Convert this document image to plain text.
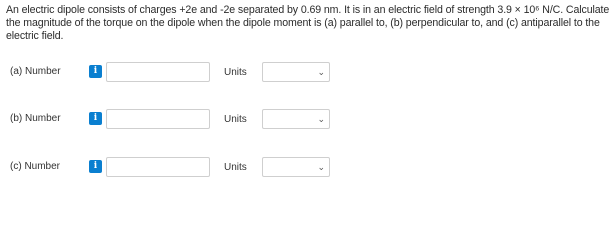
An electric dipole consists of charges +2e and -2e separated by 0.69 nm. It is in an electric field of strength 3.9 × 10⁶ N/C. Calculate the magnitude of the torque on the dipole when the dipole moment is (a) parallel to, (b) perpendicular to, and (c) antiparallel to the electric field.
(a) Number	i	Units	⌄
(b) Number	i	Units	⌄
(c) Number	i	Units	⌄
